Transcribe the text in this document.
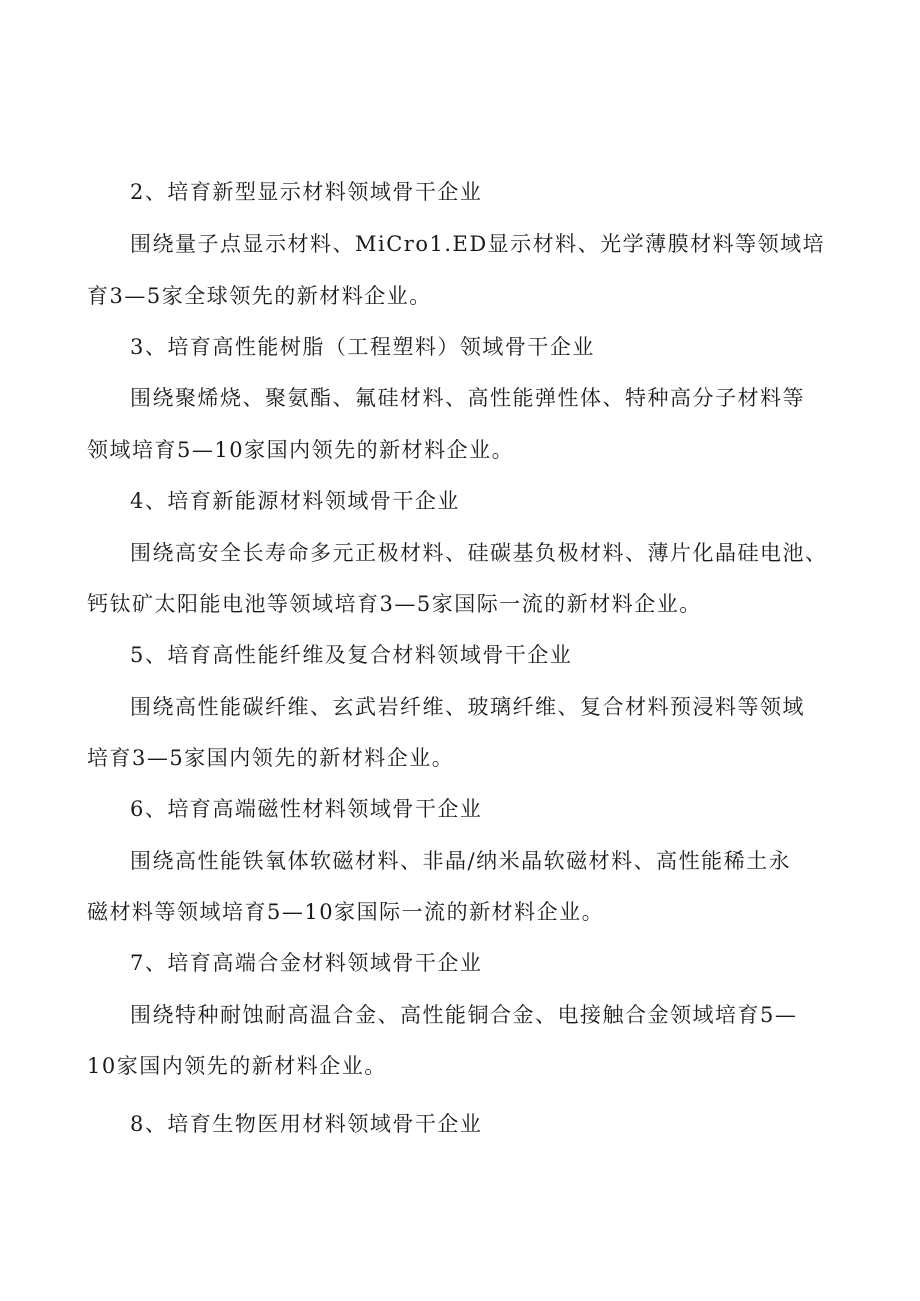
2、培育新型显示材料领域骨干企业
围绕量子点显示材料、MiCro1.ED显示材料、光学薄膜材料等领域培
育3—5家全球领先的新材料企业。
3、培育高性能树脂（工程塑料）领域骨干企业
围绕聚烯烧、聚氨酯、氟硅材料、高性能弹性体、特种高分子材料等
领域培育5—10家国内领先的新材料企业。
4、培育新能源材料领域骨干企业
围绕高安全长寿命多元正极材料、硅碳基负极材料、薄片化晶硅电池、
钙钛矿太阳能电池等领域培育3—5家国际一流的新材料企业。
5、培育高性能纤维及复合材料领域骨干企业
围绕高性能碳纤维、玄武岩纤维、玻璃纤维、复合材料预浸料等领域
培育3—5家国内领先的新材料企业。
6、培育高端磁性材料领域骨干企业
围绕高性能铁氧体软磁材料、非晶/纳米晶软磁材料、高性能稀土永
磁材料等领域培育5—10家国际一流的新材料企业。
7、培育高端合金材料领域骨干企业
围绕特种耐蚀耐高温合金、高性能铜合金、电接触合金领域培育5—
10家国内领先的新材料企业。
8、培育生物医用材料领域骨干企业
